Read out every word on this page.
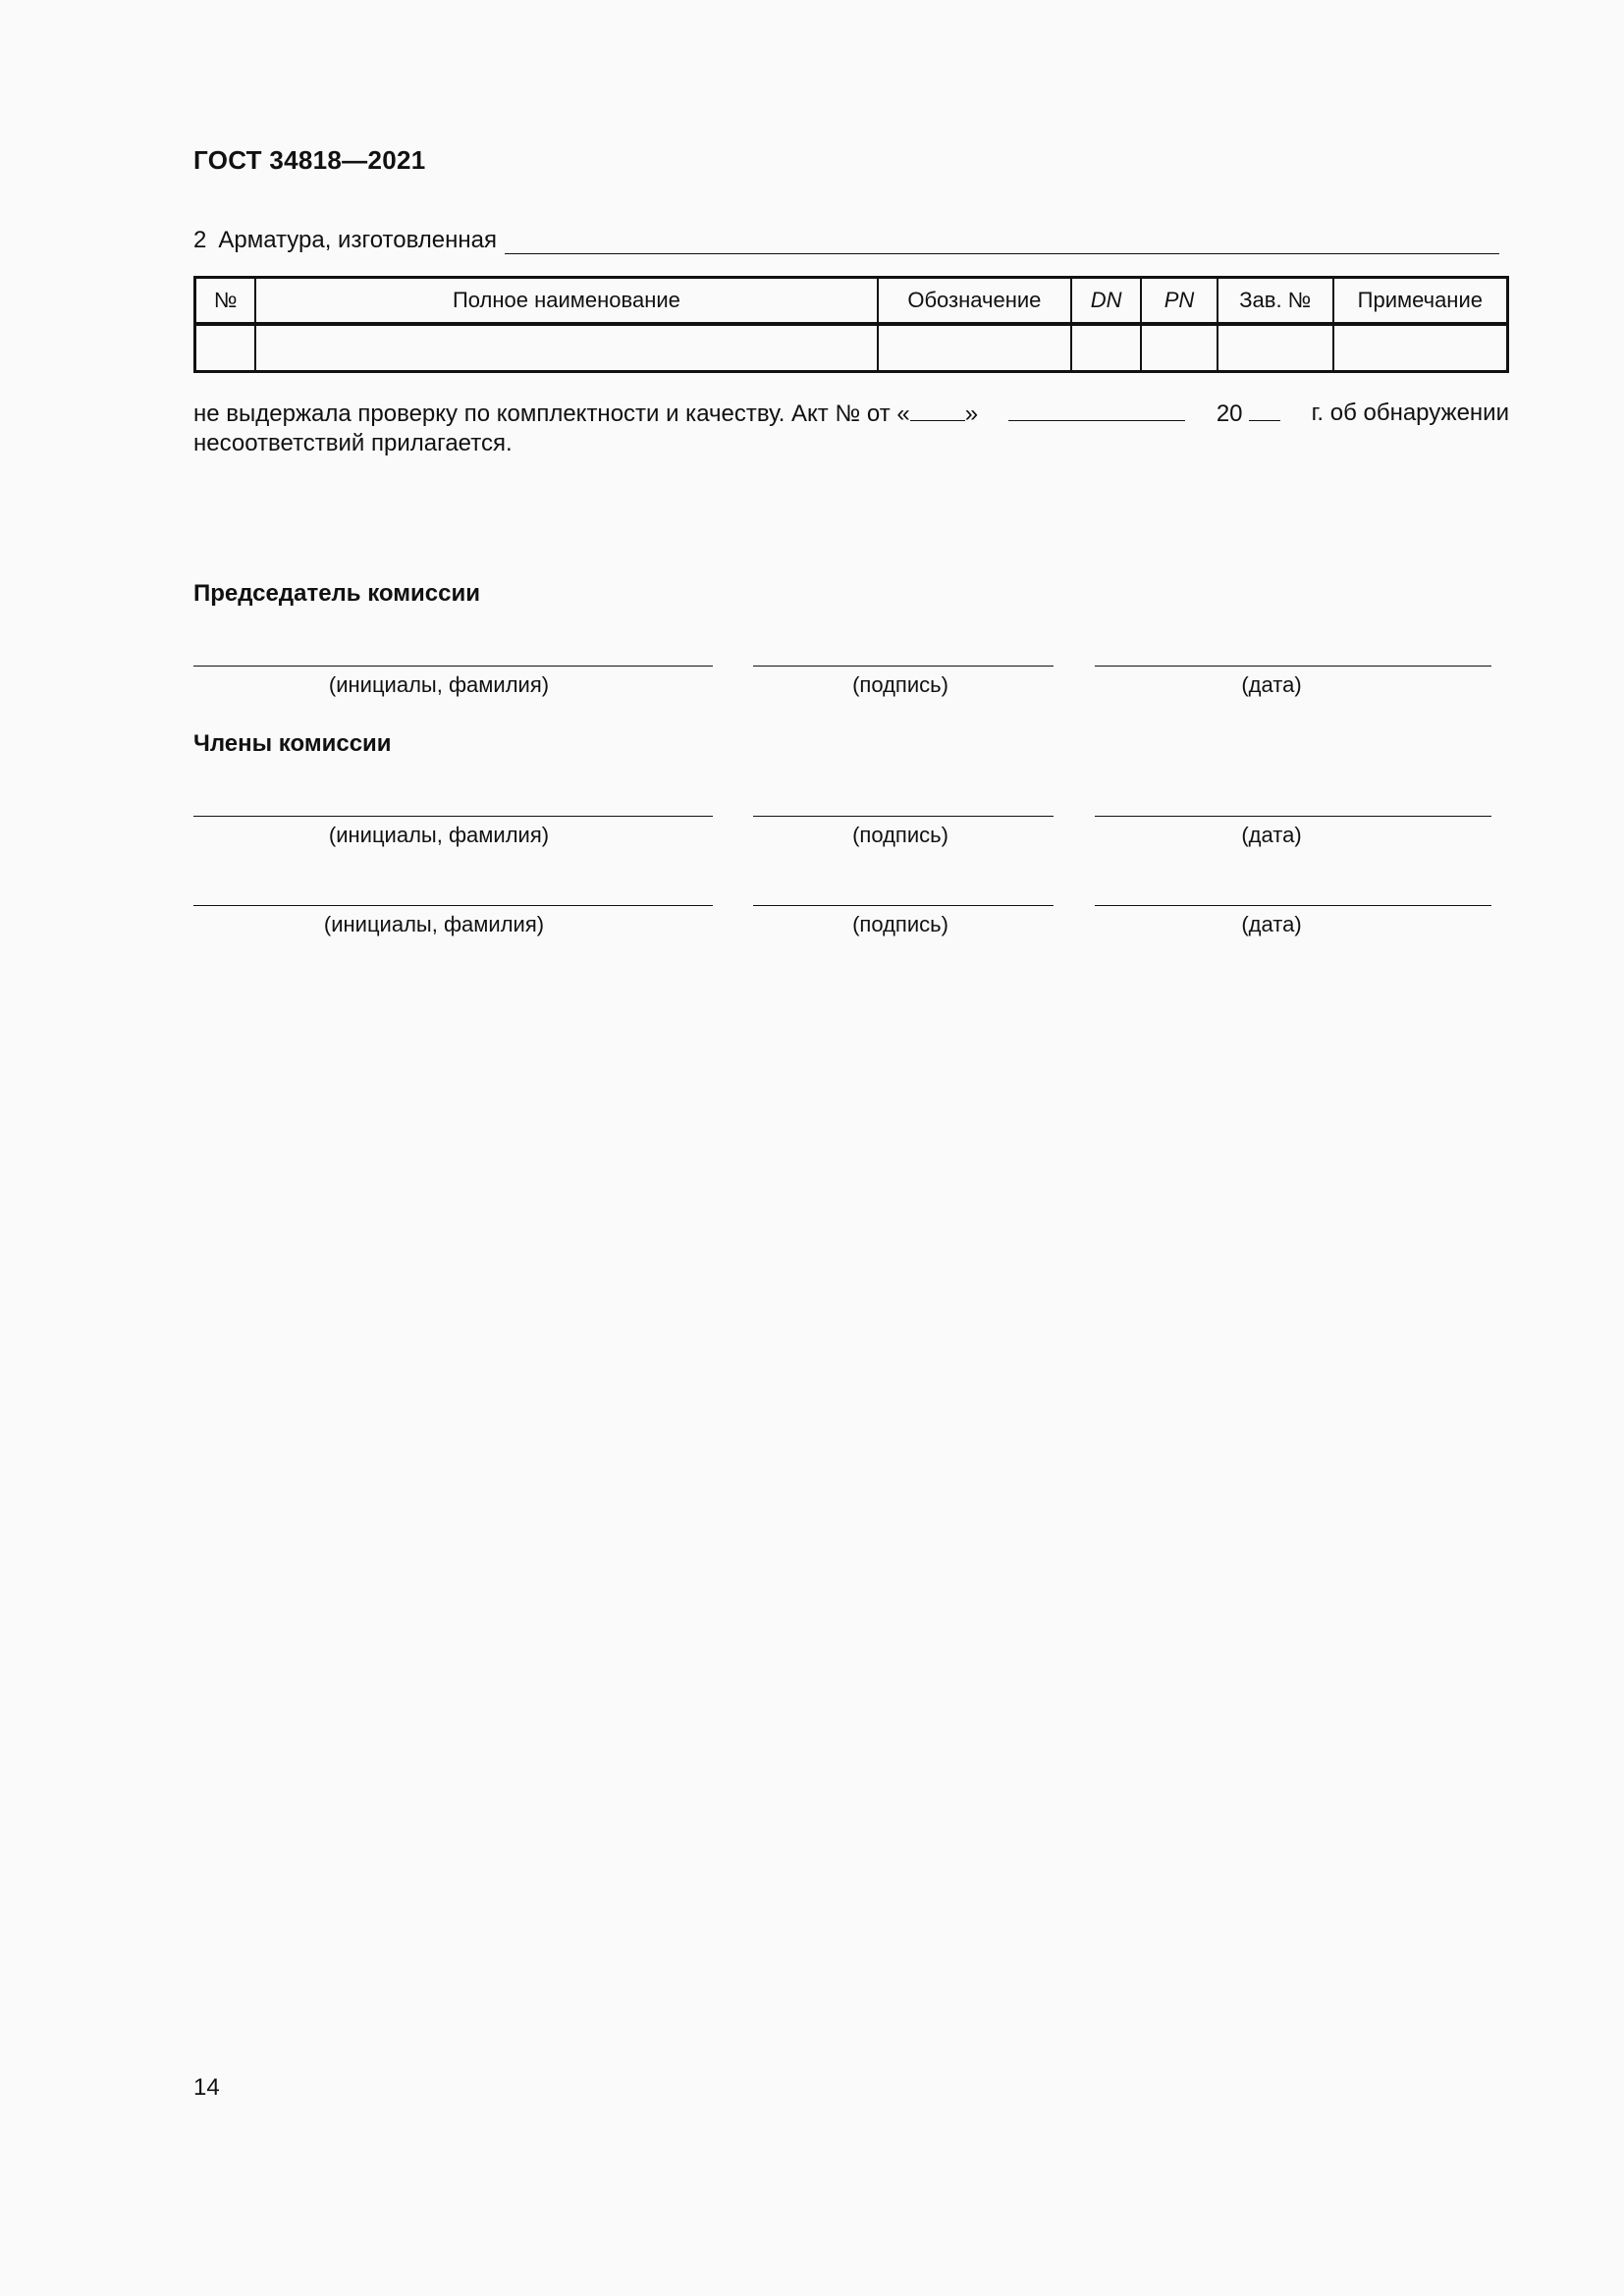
ГОСТ 34818—2021
2 Арматура, изготовленная
№	Полное наименование	Обозначение	DN	PN	Зав. №	Примечание

не выдержала проверку по комплектности и качеству. Акт № от « »	20	г. об обнаружении
несоответствий прилагается.
Председатель комиссии
(инициалы, фамилия)	(подпись)	(дата)
Члены комиссии
(инициалы, фамилия)	(подпись)	(дата)
(инициалы, фамилия)	(подпись)	(дата)
14
